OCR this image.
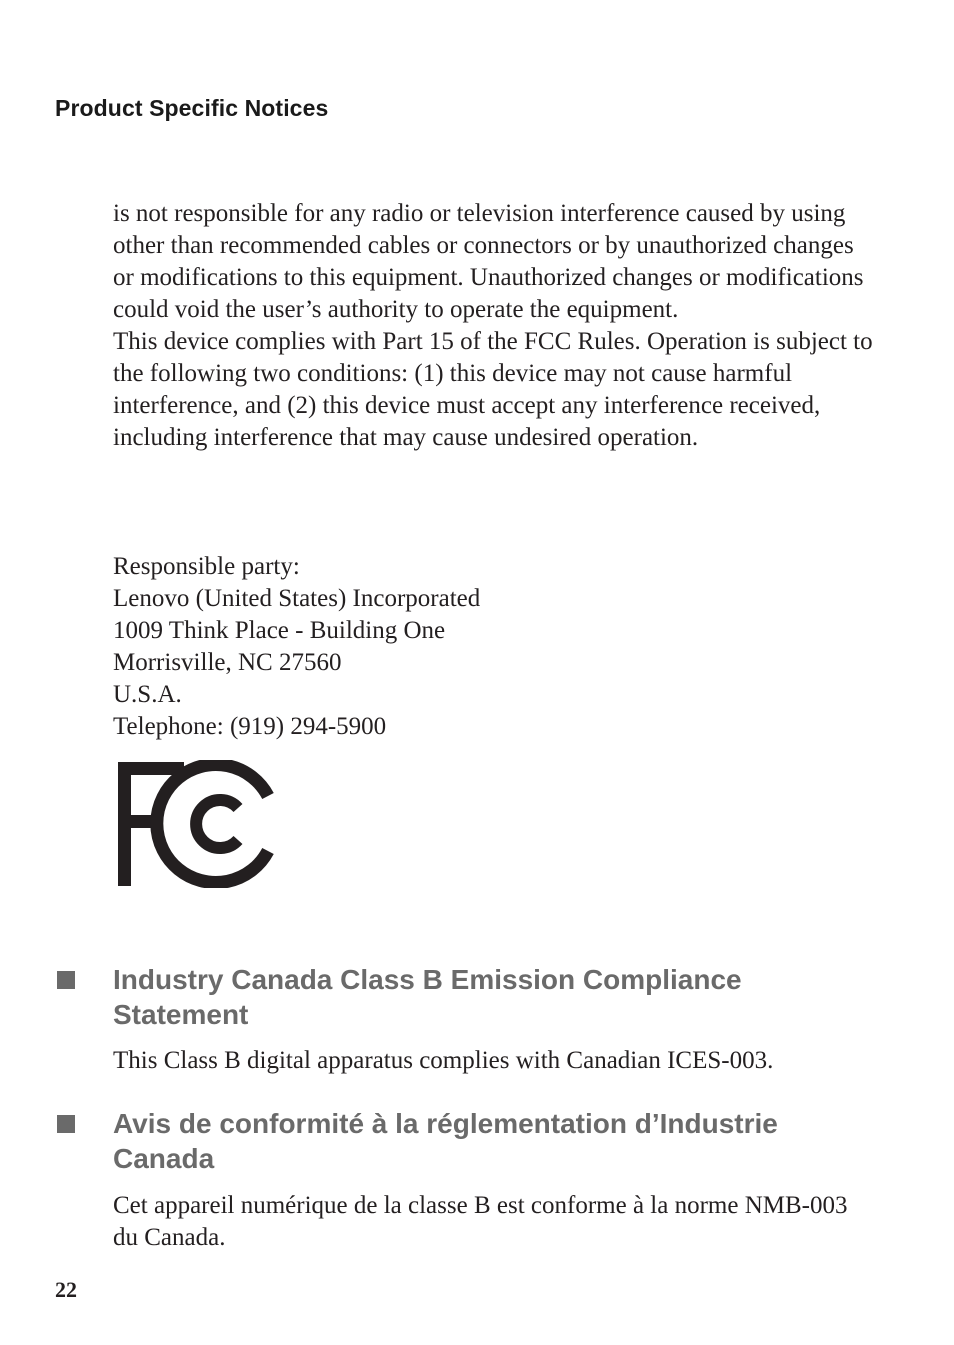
Product Specific Notices

is not responsible for any radio or television interference caused by using other than recommended cables or connectors or by unauthorized changes or modifications to this equipment. Unauthorized changes or modifications could void the user’s authority to operate the equipment.

This device complies with Part 15 of the FCC Rules. Operation is subject to the following two conditions: (1) this device may not cause harmful interference, and (2) this device must accept any interference received, including interference that may cause undesired operation.

Responsible party:

Lenovo (United States) Incorporated

1009 Think Place - Building One

Morrisville, NC 27560

U.S.A.

Telephone: (919) 294-5900

Industry Canada Class B Emission Compliance Statement

This Class B digital apparatus complies with Canadian ICES-003.

Avis de conformité à la réglementation d’Industrie Canada

Cet appareil numérique de la classe B est conforme à la norme NMB-003 du Canada.

22
